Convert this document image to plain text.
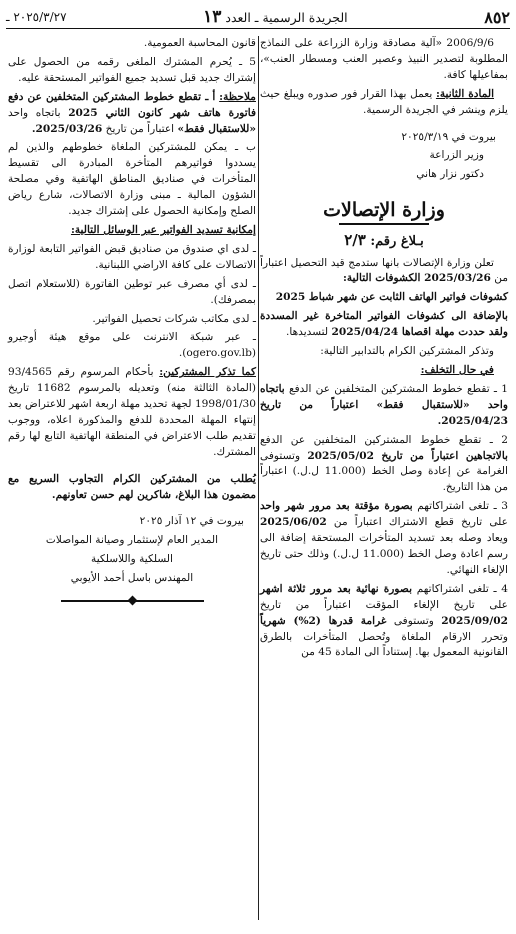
٨٥٢
الجريدة الرسمية ـ العدد ١٣
٢٠٢٥/٣/٢٧ ـ

2006/9/6 «آلية مصادقة وزارة الزراعة على النماذج المطلوبة لتصدير النبيذ وعصير العنب ومسطار العنب»، بمفاعيلها كافة.

المادة الثانية: يعمل بهذا القرار فور صدوره ويبلغ حيث يلزم وينشر في الجريدة الرسمية.

بيروت في ٢٠٢٥/٣/١٩

وزير الزراعة

دكتور نزار هاني

وزارة الإتصالات
بـلاغ رقم: ٢/٣

تعلن وزارة الإتصالات بانها ستدمج قيد التحصيل اعتباراً من 2025/03/26 الكشوفات التالية:

كشوفات فواتير الهاتف الثابت عن شهر شباط 2025

بالإضافة الى كشوفات الفواتير المتاخرة غير المسددة ولقد حددت مهلة اقصاها 2025/04/24 لتسديدها.

وتذكر المشتركين الكرام بالتدابير التالية:

في حال التخلف:

1 ـ تقطع خطوط المشتركين المتخلفين عن الدفع باتجاه واحد «للاستقبال فقط» اعتباراً من تاريخ 2025/04/23.

2 ـ تقطع خطوط المشتركين المتخلفين عن الدفع بالاتجاهين اعتباراً من تاريخ 2025/05/02 وتستوفى الغرامة عن إعادة وصل الخط (11.000 ل.ل.) اعتباراً من هذا التاريخ.

3 ـ تلغى اشتراكاتهم بصورة مؤقتة بعد مرور شهر واحد على تاريخ قطع الاشتراك اعتباراً من 2025/06/02 ويعاد وصله بعد تسديد المتأخرات المستحقة إضافة الى رسم اعادة وصل الخط (11.000 ل.ل.) وذلك حتى تاريخ الإلغاء النهائي.

4 ـ تلغى اشتراكاتهم بصورة نهائية بعد مرور ثلاثة اشهر على تاريخ الإلغاء المؤقت اعتباراً من تاريخ 2025/09/02 وتستوفى غرامة قدرها (2%) شهرياً وتحرر الارقام الملغاة وتُحصل المتأخرات بالطرق القانونية المعمول بها. إستناداً الى المادة 45 من

قانون المحاسبة العمومية.

5 ـ يُحرم المشترك الملغى رقمه من الحصول على إشتراك جديد قبل تسديد جميع الفواتير المستحقة عليه.

ملاحظة: أ ـ تقطع خطوط المشتركين المتخلفين عن دفع فاتورة هاتف شهر كانون الثاني 2025 باتجاه واحد «للاستقبال فقط» اعتباراً من تاريخ 2025/03/26.

ب ـ يمكن للمشتركين الملغاة خطوطهم والذين لم يسددوا فواتيرهم المتأخرة المبادرة الى تقسيط المتأخرات في صناديق المناطق الهاتفية وفي مصلحة الشؤون المالية ـ مبنى وزارة الاتصالات، شارع رياض الصلح وإمكانية الحصول على إشتراك جديد.

إمكانية تسديد الفواتير عبر الوسائل التالية:

ـ لدى اي صندوق من صناديق قبض الفواتير التابعة لوزارة الاتصالات على كافة الاراضي اللبنانية.

ـ لدى أي مصرف عبر توطين الفاتورة (للاستعلام اتصل بمصرفك).

ـ لدى مكاتب شركات تحصيل الفواتير.

ـ عبر شبكة الانترنت على موقع هيئة أوجيرو (ogero.gov.lb).

كما تذكر المشتركين: بأحكام المرسوم رقم 93/4565 (المادة الثالثة منه) وتعديله بالمرسوم 11682 تاريخ 1998/01/30 لجهة تحديد مهلة اربعة اشهر للاعتراض بعد إنتهاء المهلة المحددة للدفع والمذكورة اعلاه، ووجوب تقديم طلب الاعتراض في المنطقة الهاتفية التابع لها رقم المشترك.

يُطلب من المشتركين الكرام التجاوب السريع مع مضمون هذا البلاغ، شاكرين لهم حسن تعاونهم.

بيروت في ١٢ آذار ٢٠٢٥

المدير العام لإستثمار وصيانة المواصلات

السلكية واللاسلكية

المهندس باسل أحمد الأيوبي
